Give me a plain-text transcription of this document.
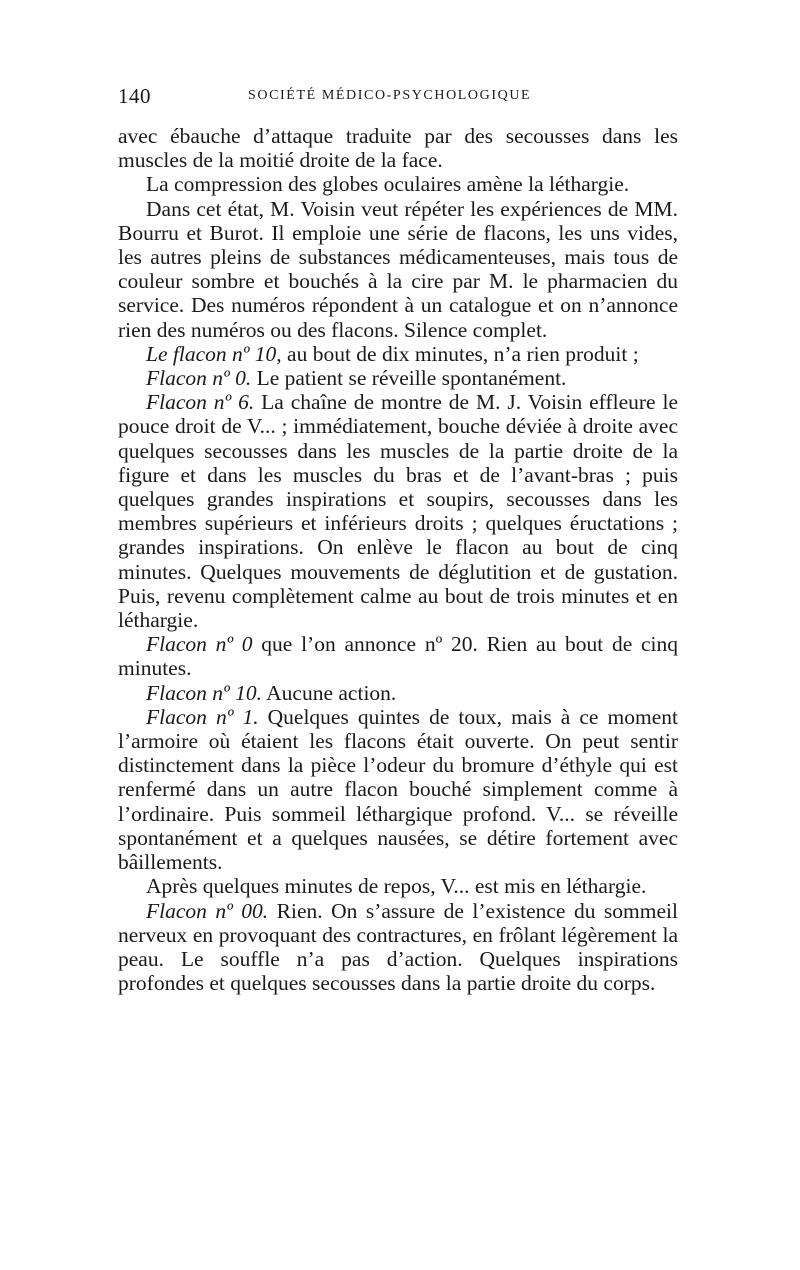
140	SOCIÉTÉ MÉDICO-PSYCHOLOGIQUE

avec ébauche d’attaque traduite par des secousses dans les muscles de la moitié droite de la face.

La compression des globes oculaires amène la léthargie.

Dans cet état, M. Voisin veut répéter les expériences de MM. Bourru et Burot. Il emploie une série de flacons, les uns vides, les autres pleins de substances médicamenteuses, mais tous de couleur sombre et bouchés à la cire par M. le pharmacien du service. Des numéros répondent à un catalogue et on n’annonce rien des numéros ou des flacons. Silence complet.

Le flacon nº 10, au bout de dix minutes, n’a rien produit ;

Flacon nº 0. Le patient se réveille spontanément.

Flacon nº 6. La chaîne de montre de M. J. Voisin effleure le pouce droit de V... ; immédiatement, bouche déviée à droite avec quelques secousses dans les muscles de la partie droite de la figure et dans les muscles du bras et de l’avant-bras ; puis quelques grandes inspirations et soupirs, secousses dans les membres supérieurs et inférieurs droits ; quelques éructations ; grandes inspirations. On enlève le flacon au bout de cinq minutes. Quelques mouvements de déglutition et de gustation. Puis, revenu complètement calme au bout de trois minutes et en léthargie.

Flacon nº 0 que l’on annonce nº 20. Rien au bout de cinq minutes.

Flacon nº 10. Aucune action.

Flacon nº 1. Quelques quintes de toux, mais à ce moment l’armoire où étaient les flacons était ouverte. On peut sentir distinctement dans la pièce l’odeur du bromure d’éthyle qui est renfermé dans un autre flacon bouché simplement comme à l’ordinaire. Puis sommeil léthargique profond. V... se réveille spontanément et a quelques nausées, se détire fortement avec bâillements.

Après quelques minutes de repos, V... est mis en léthargie.

Flacon nº 00. Rien. On s’assure de l’existence du sommeil nerveux en provoquant des contractures, en frôlant légèrement la peau. Le souffle n’a pas d’action. Quelques inspirations profondes et quelques secousses dans la partie droite du corps.
